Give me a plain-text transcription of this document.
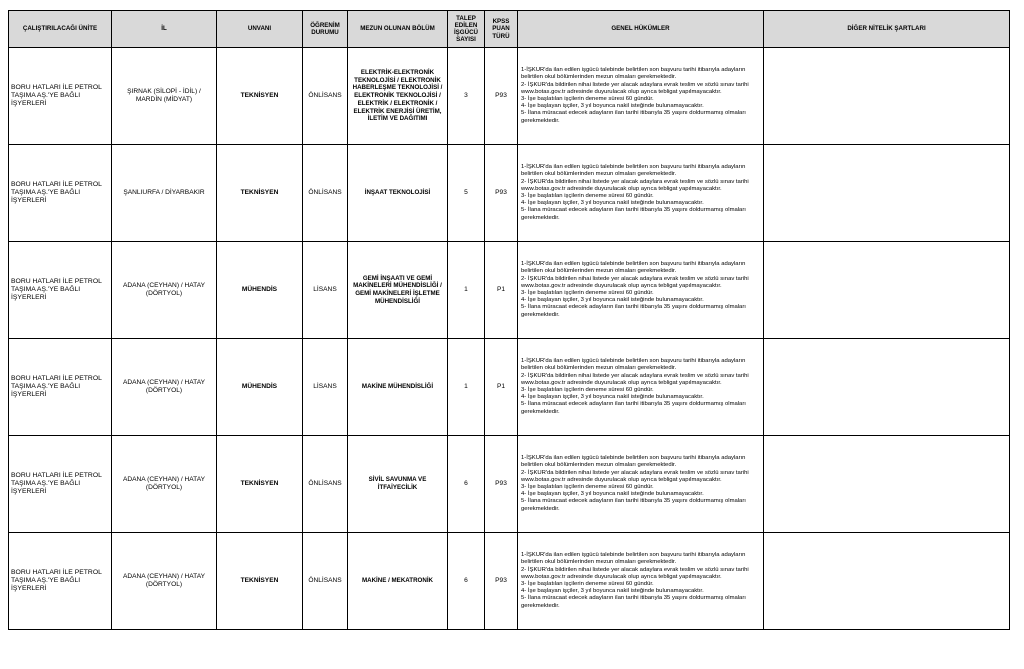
ÇALIŞTIRILACAĞI ÜNİTE	İL	UNVANI	ÖĞRENİM DURUMU	MEZUN OLUNAN BÖLÜM	TALEP EDİLEN İŞGÜCÜ SAYISI	KPSS PUAN TÜRÜ	GENEL HÜKÜMLER	DİĞER NİTELİK ŞARTLARI
BORU HATLARI İLE PETROL TAŞIMA AŞ.'YE BAĞLI İŞYERLERİ	ŞIRNAK (SİLOPİ - İDİL) / MARDİN (MİDYAT)	TEKNİSYEN	ÖNLİSANS	ELEKTRİK-ELEKTRONİK TEKNOLOJİSİ / ELEKTRONİK HABERLEŞME TEKNOLOJİSİ / ELEKTRONİK TEKNOLOJİSİ / ELEKTRİK / ELEKTRONİK / ELEKTRİK ENERJİSİ ÜRETİM, İLETİM VE DAĞITIMI	3	P93	1-İŞKUR'da ilan edilen işgücü talebinde belirtilen son başvuru tarihi itibarıyla adayların belirtilen okul bölümlerinden mezun olmaları gerekmektedir.
2- İŞKUR'da bildirilen nihai listede yer alacak adaylara evrak teslim ve sözlü sınav tarihi www.botas.gov.tr adresinde duyurulacak olup ayrıca tebligat yapılmayacaktır.
3- İşe başlatılan işçilerin deneme süresi 60 gündür.
4- İşe başlayan işçiler, 3 yıl boyunca nakil isteğinde bulunamayacaktır.
5- İlana müracaat edecek adayların ilan tarihi itibarıyla 35 yaşını doldurmamış olmaları gerekmektedir.	

BORU HATLARI İLE PETROL TAŞIMA AŞ.'YE BAĞLI İŞYERLERİ	ŞANLIURFA / DİYARBAKIR	TEKNİSYEN	ÖNLİSANS	İNŞAAT TEKNOLOJİSİ	5	P93	1-İŞKUR'da ilan edilen işgücü talebinde belirtilen son başvuru tarihi itibarıyla adayların belirtilen okul bölümlerinden mezun olmaları gerekmektedir.
2- İŞKUR'da bildirilen nihai listede yer alacak adaylara evrak teslim ve sözlü sınav tarihi www.botas.gov.tr adresinde duyurulacak olup ayrıca tebligat yapılmayacaktır.
3- İşe başlatılan işçilerin deneme süresi 60 gündür.
4- İşe başlayan işçiler, 3 yıl boyunca nakil isteğinde bulunamayacaktır.
5- İlana müracaat edecek adayların ilan tarihi itibarıyla 35 yaşını doldurmamış olmaları gerekmektedir.	

BORU HATLARI İLE PETROL TAŞIMA AŞ.'YE BAĞLI İŞYERLERİ	ADANA (CEYHAN) / HATAY (DÖRTYOL)	MÜHENDİS	LİSANS	GEMİ İNŞAATI VE GEMİ MAKİNELERİ MÜHENDİSLİĞİ / GEMİ MAKİNELERİ İŞLETME MÜHENDİSLİĞİ	1	P1	1-İŞKUR'da ilan edilen işgücü talebinde belirtilen son başvuru tarihi itibarıyla adayların belirtilen okul bölümlerinden mezun olmaları gerekmektedir.
2- İŞKUR'da bildirilen nihai listede yer alacak adaylara evrak teslim ve sözlü sınav tarihi www.botas.gov.tr adresinde duyurulacak olup ayrıca tebligat yapılmayacaktır.
3- İşe başlatılan işçilerin deneme süresi 60 gündür.
4- İşe başlayan işçiler, 3 yıl boyunca nakil isteğinde bulunamayacaktır.
5- İlana müracaat edecek adayların ilan tarihi itibarıyla 35 yaşını doldurmamış olmaları gerekmektedir.	

BORU HATLARI İLE PETROL TAŞIMA AŞ.'YE BAĞLI İŞYERLERİ	ADANA (CEYHAN) / HATAY (DÖRTYOL)	MÜHENDİS	LİSANS	MAKİNE MÜHENDİSLİĞİ	1	P1	1-İŞKUR'da ilan edilen işgücü talebinde belirtilen son başvuru tarihi itibarıyla adayların belirtilen okul bölümlerinden mezun olmaları gerekmektedir.
2- İŞKUR'da bildirilen nihai listede yer alacak adaylara evrak teslim ve sözlü sınav tarihi www.botas.gov.tr adresinde duyurulacak olup ayrıca tebligat yapılmayacaktır.
3- İşe başlatılan işçilerin deneme süresi 60 gündür.
4- İşe başlayan işçiler, 3 yıl boyunca nakil isteğinde bulunamayacaktır.
5- İlana müracaat edecek adayların ilan tarihi itibarıyla 35 yaşını doldurmamış olmaları gerekmektedir.	

BORU HATLARI İLE PETROL TAŞIMA AŞ.'YE BAĞLI İŞYERLERİ	ADANA (CEYHAN) / HATAY (DÖRTYOL)	TEKNİSYEN	ÖNLİSANS	SİVİL SAVUNMA VE İTFAİYECİLİK	6	P93	1-İŞKUR'da ilan edilen işgücü talebinde belirtilen son başvuru tarihi itibarıyla adayların belirtilen okul bölümlerinden mezun olmaları gerekmektedir.
2- İŞKUR'da bildirilen nihai listede yer alacak adaylara evrak teslim ve sözlü sınav tarihi www.botas.gov.tr adresinde duyurulacak olup ayrıca tebligat yapılmayacaktır.
3- İşe başlatılan işçilerin deneme süresi 60 gündür.
4- İşe başlayan işçiler, 3 yıl boyunca nakil isteğinde bulunamayacaktır.
5- İlana müracaat edecek adayların ilan tarihi itibarıyla 35 yaşını doldurmamış olmaları gerekmektedir.	

BORU HATLARI İLE PETROL TAŞIMA AŞ.'YE BAĞLI İŞYERLERİ	ADANA (CEYHAN) / HATAY (DÖRTYOL)	TEKNİSYEN	ÖNLİSANS	MAKİNE / MEKATRONİK	6	P93	1-İŞKUR'da ilan edilen işgücü talebinde belirtilen son başvuru tarihi itibarıyla adayların belirtilen okul bölümlerinden mezun olmaları gerekmektedir.
2- İŞKUR'da bildirilen nihai listede yer alacak adaylara evrak teslim ve sözlü sınav tarihi www.botas.gov.tr adresinde duyurulacak olup ayrıca tebligat yapılmayacaktır.
3- İşe başlatılan işçilerin deneme süresi 60 gündür.
4- İşe başlayan işçiler, 3 yıl boyunca nakil isteğinde bulunamayacaktır.
5- İlana müracaat edecek adayların ilan tarihi itibarıyla 35 yaşını doldurmamış olmaları gerekmektedir.	
